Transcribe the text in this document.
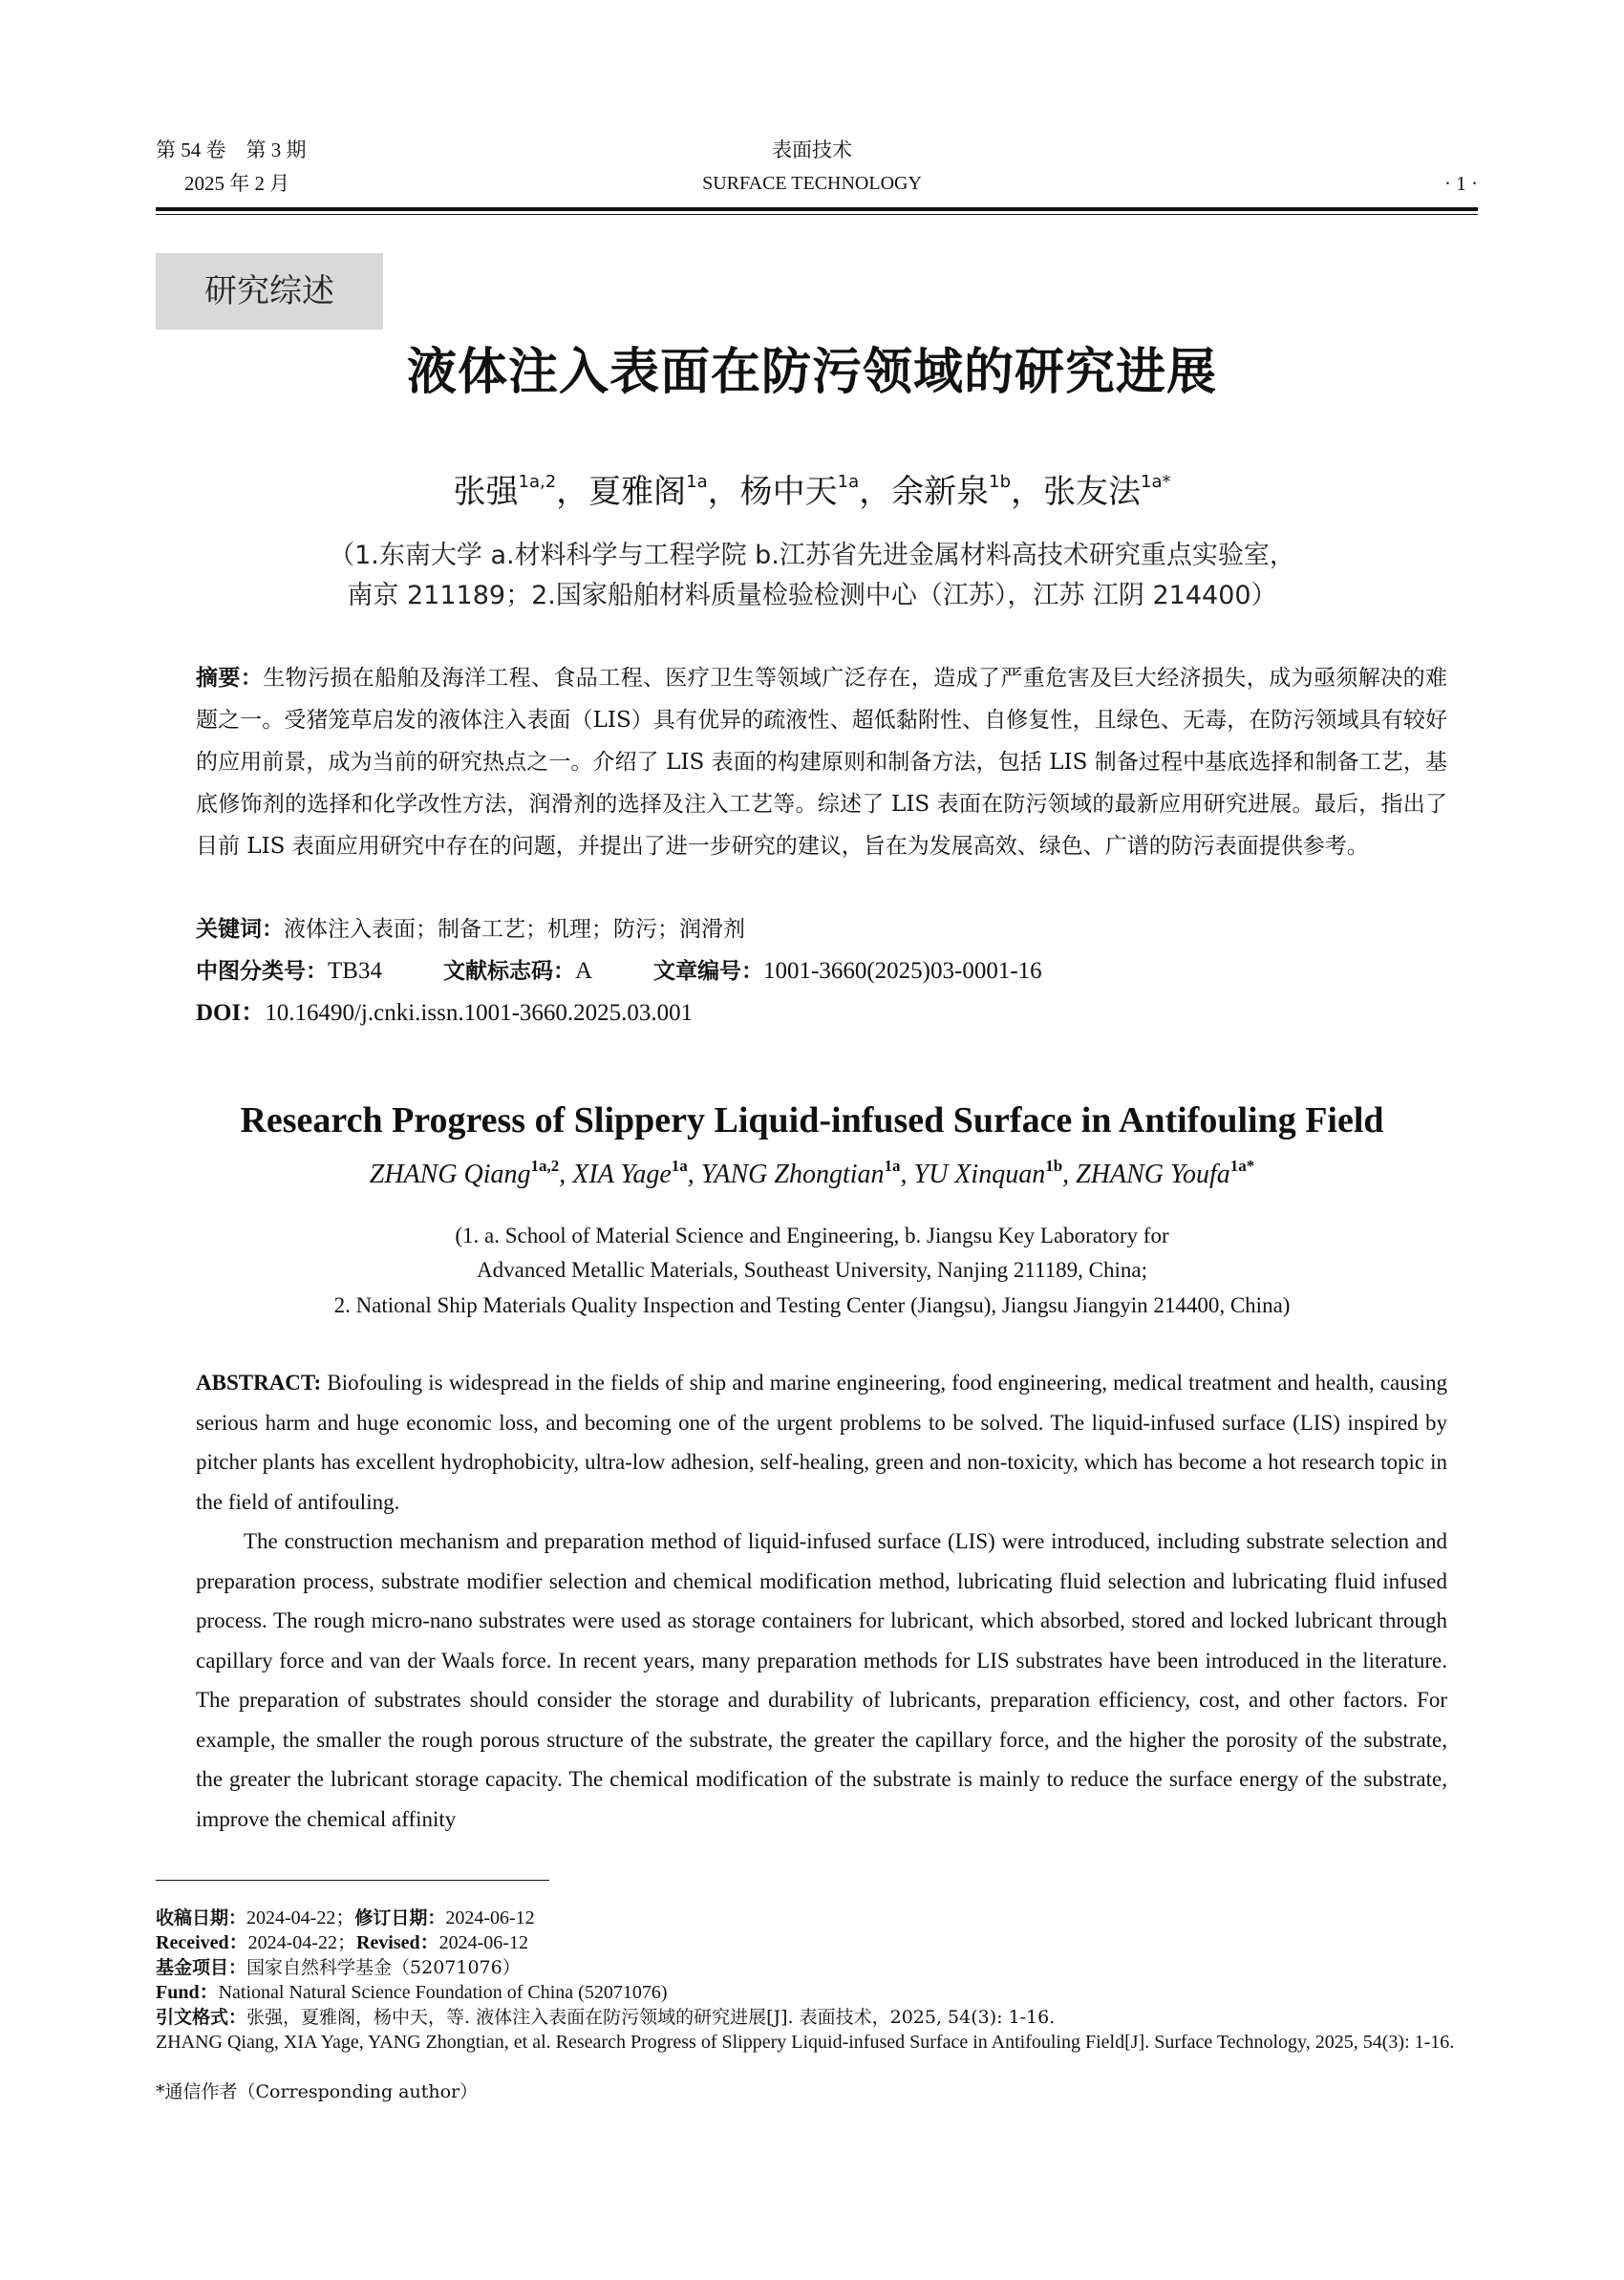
第 54 卷　第 3 期
2025 年 2 月
表面技术
SURFACE TECHNOLOGY	· 1 ·
研究综述
液体注入表面在防污领域的研究进展
张强$^{1a,2}$，夏雅阁$^{1a}$，杨中天$^{1a}$，余新泉$^{1b}$，张友法$^{1a*}$
（1.东南大学 a.材料科学与工程学院 b.江苏省先进金属材料高技术研究重点实验室，
南京 211189；2.国家船舶材料质量检验检测中心（江苏），江苏 江阴 214400）
摘要：生物污损在船舶及海洋工程、食品工程、医疗卫生等领域广泛存在，造成了严重危害及巨大经济损失，成为亟须解决的难题之一。受猪笼草启发的液体注入表面（LIS）具有优异的疏液性、超低黏附性、自修复性，且绿色、无毒，在防污领域具有较好的应用前景，成为当前的研究热点之一。介绍了 LIS 表面的构建原则和制备方法，包括 LIS 制备过程中基底选择和制备工艺，基底修饰剂的选择和化学改性方法，润滑剂的选择及注入工艺等。综述了 LIS 表面在防污领域的最新应用研究进展。最后，指出了目前 LIS 表面应用研究中存在的问题，并提出了进一步研究的建议，旨在为发展高效、绿色、广谱的防污表面提供参考。
关键词：液体注入表面；制备工艺；机理；防污；润滑剂
中图分类号：TB34	文献标志码：A	文章编号：1001-3660(2025)03-0001-16
DOI：10.16490/j.cnki.issn.1001-3660.2025.03.001
Research Progress of Slippery Liquid-infused Surface in Antifouling Field
ZHANG Qiang$^{1a,2}$, XIA Yage$^{1a}$, YANG Zhongtian$^{1a}$, YU Xinquan$^{1b}$, ZHANG Youfa$^{1a*}$
(1. a. School of Material Science and Engineering, b. Jiangsu Key Laboratory for
Advanced Metallic Materials, Southeast University, Nanjing 211189, China;
2. National Ship Materials Quality Inspection and Testing Center (Jiangsu), Jiangsu Jiangyin 214400, China)

ABSTRACT: Biofouling is widespread in the fields of ship and marine engineering, food engineering, medical treatment and health, causing serious harm and huge economic loss, and becoming one of the urgent problems to be solved. The liquid-infused surface (LIS) inspired by pitcher plants has excellent hydrophobicity, ultra-low adhesion, self-healing, green and non-toxicity, which has become a hot research topic in the field of antifouling.

The construction mechanism and preparation method of liquid-infused surface (LIS) were introduced, including substrate selection and preparation process, substrate modifier selection and chemical modification method, lubricating fluid selection and lubricating fluid infused process. The rough micro-nano substrates were used as storage containers for lubricant, which absorbed, stored and locked lubricant through capillary force and van der Waals force. In recent years, many preparation methods for LIS substrates have been introduced in the literature. The preparation of substrates should consider the storage and durability of lubricants, preparation efficiency, cost, and other factors. For example, the smaller the rough porous structure of the substrate, the greater the capillary force, and the higher the porosity of the substrate, the greater the lubricant storage capacity. The chemical modification of the substrate is mainly to reduce the surface energy of the substrate, improve the chemical affinity

收稿日期：2024-04-22；修订日期：2024-06-12
Received：2024-04-22；Revised：2024-06-12
基金项目：国家自然科学基金（52071076）
Fund：National Natural Science Foundation of China (52071076)
引文格式：张强，夏雅阁，杨中天，等. 液体注入表面在防污领域的研究进展[J]. 表面技术，2025, 54(3): 1-16.
ZHANG Qiang, XIA Yage, YANG Zhongtian, et al. Research Progress of Slippery Liquid-infused Surface in Antifouling Field[J]. Surface Technology, 2025, 54(3): 1-16.
*通信作者（Corresponding author）
